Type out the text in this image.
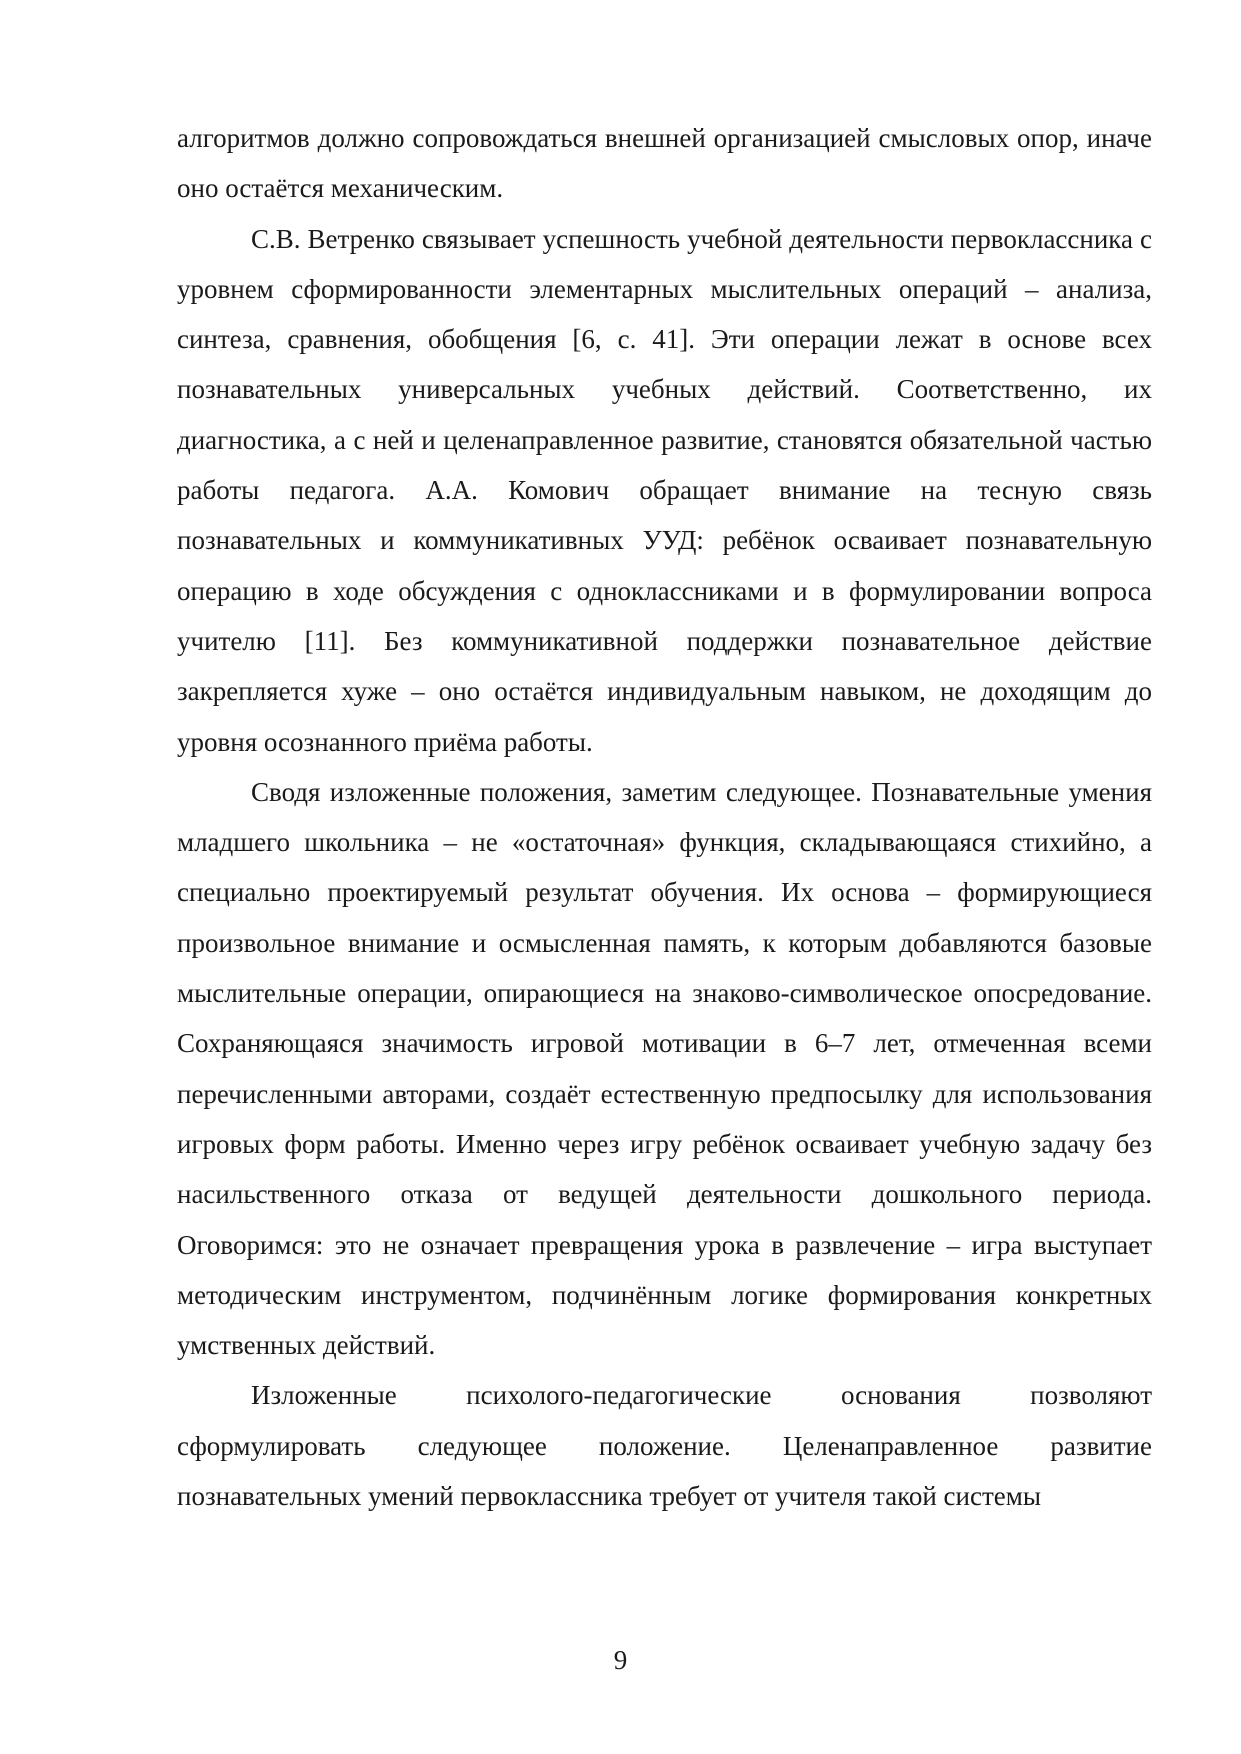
алгоритмов должно сопровождаться внешней организацией смысловых опор, иначе оно остаётся механическим.

С.В. Ветренко связывает успешность учебной деятельности первоклассника с уровнем сформированности элементарных мыслительных операций – анализа, синтеза, сравнения, обобщения [6, с. 41]. Эти операции лежат в основе всех познавательных универсальных учебных действий. Соответственно, их диагностика, а с ней и целенаправленное развитие, становятся обязательной частью работы педагога. А.А. Комович обращает внимание на тесную связь познавательных и коммуникативных УУД: ребёнок осваивает познавательную операцию в ходе обсуждения с одноклассниками и в формулировании вопроса учителю [11]. Без коммуникативной поддержки познавательное действие закрепляется хуже – оно остаётся индивидуальным навыком, не доходящим до уровня осознанного приёма работы.

Сводя изложенные положения, заметим следующее. Познавательные умения младшего школьника – не «остаточная» функция, складывающаяся стихийно, а специально проектируемый результат обучения. Их основа – формирующиеся произвольное внимание и осмысленная память, к которым добавляются базовые мыслительные операции, опирающиеся на знаково-символическое опосредование. Сохраняющаяся значимость игровой мотивации в 6–7 лет, отмеченная всеми перечисленными авторами, создаёт естественную предпосылку для использования игровых форм работы. Именно через игру ребёнок осваивает учебную задачу без насильственного отказа от ведущей деятельности дошкольного периода. Оговоримся: это не означает превращения урока в развлечение – игра выступает методическим инструментом, подчинённым логике формирования конкретных умственных действий.

Изложенные психолого-педагогические основания позволяют сформулировать следующее положение. Целенаправленное развитие познавательных умений первоклассника требует от учителя такой системы

9
